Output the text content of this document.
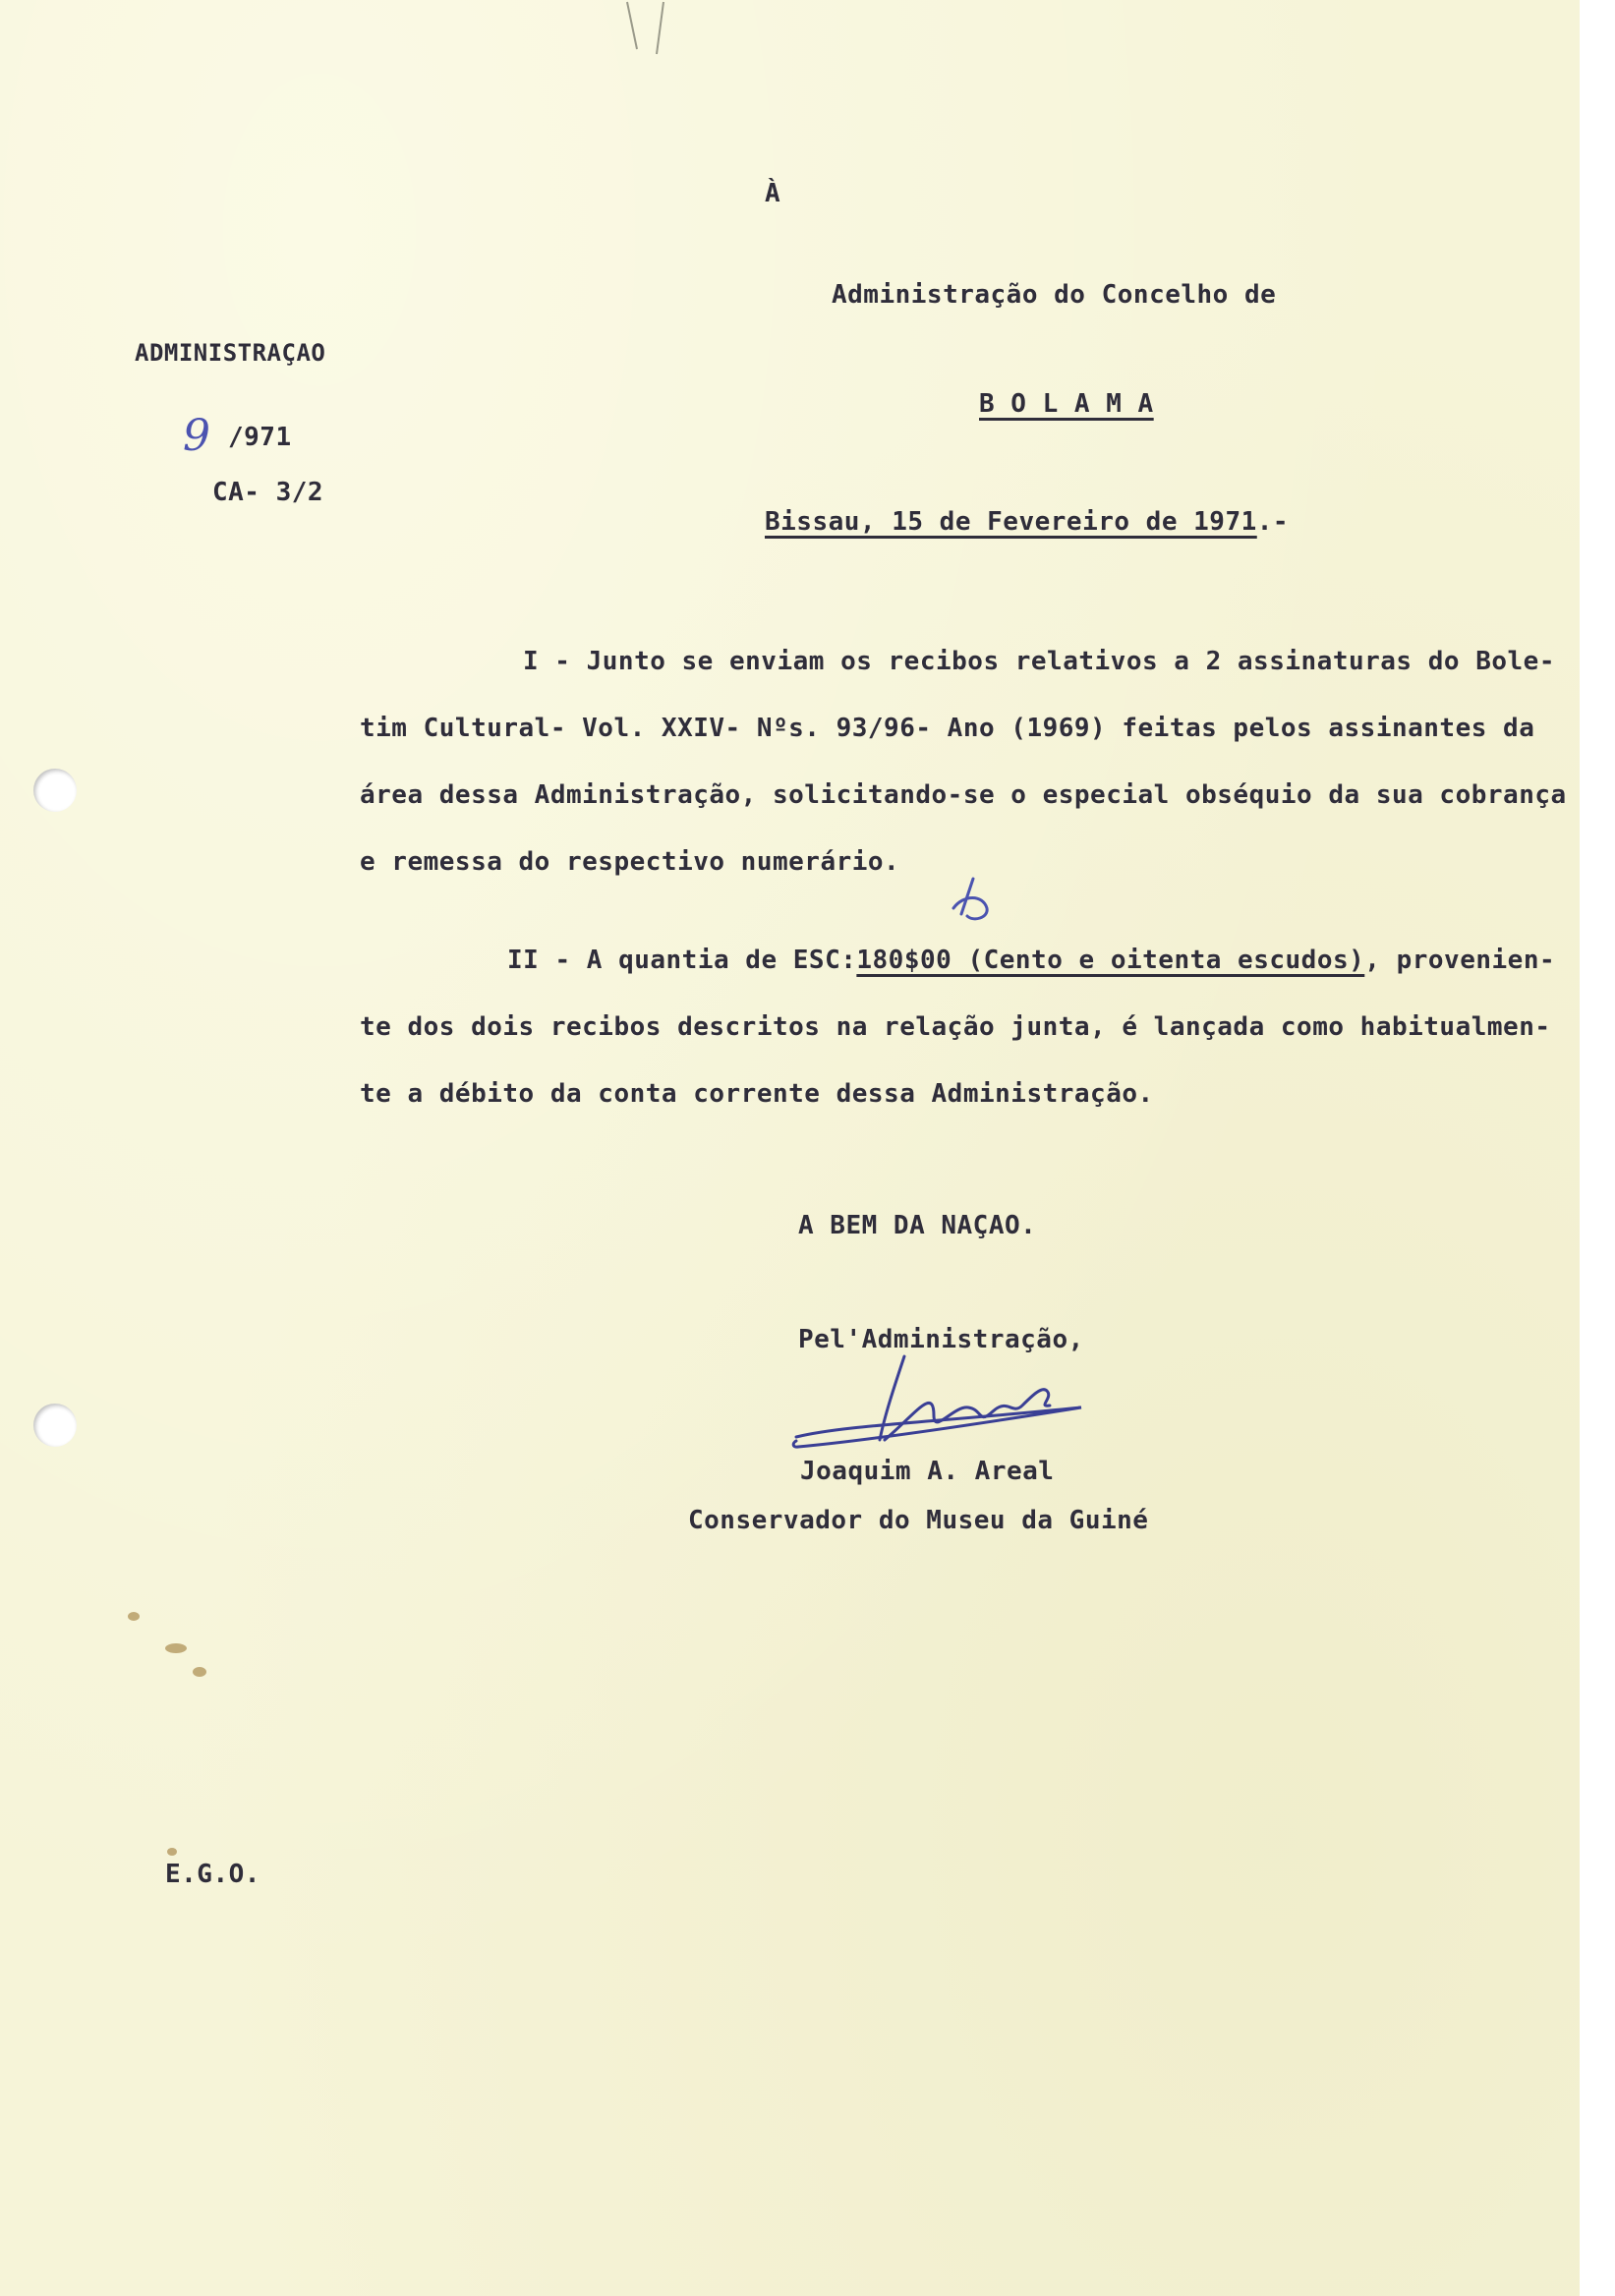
À
Administração do Concelho de
B O L A M A
ADMINISTRAÇAO
9 /971
CA- 3/2
Bissau, 15 de Fevereiro de 1971.-
I - Junto se enviam os recibos relativos a 2 assinaturas do Bole-
tim Cultural- Vol. XXIV- Nºs. 93/96- Ano (1969) feitas pelos assinantes da
área dessa Administração, solicitando-se o especial obséquio da sua cobrança
e remessa do respectivo numerário.
II - A quantia de ESC:180$00 (Cento e oitenta escudos), provenien-
te dos dois recibos descritos na relação junta, é lançada como habitualmen-
te a débito da conta corrente dessa Administração.
A BEM DA NAÇAO.
Pel'Administração,
Joaquim A. Areal
Conservador do Museu da Guiné
E.G.O.
